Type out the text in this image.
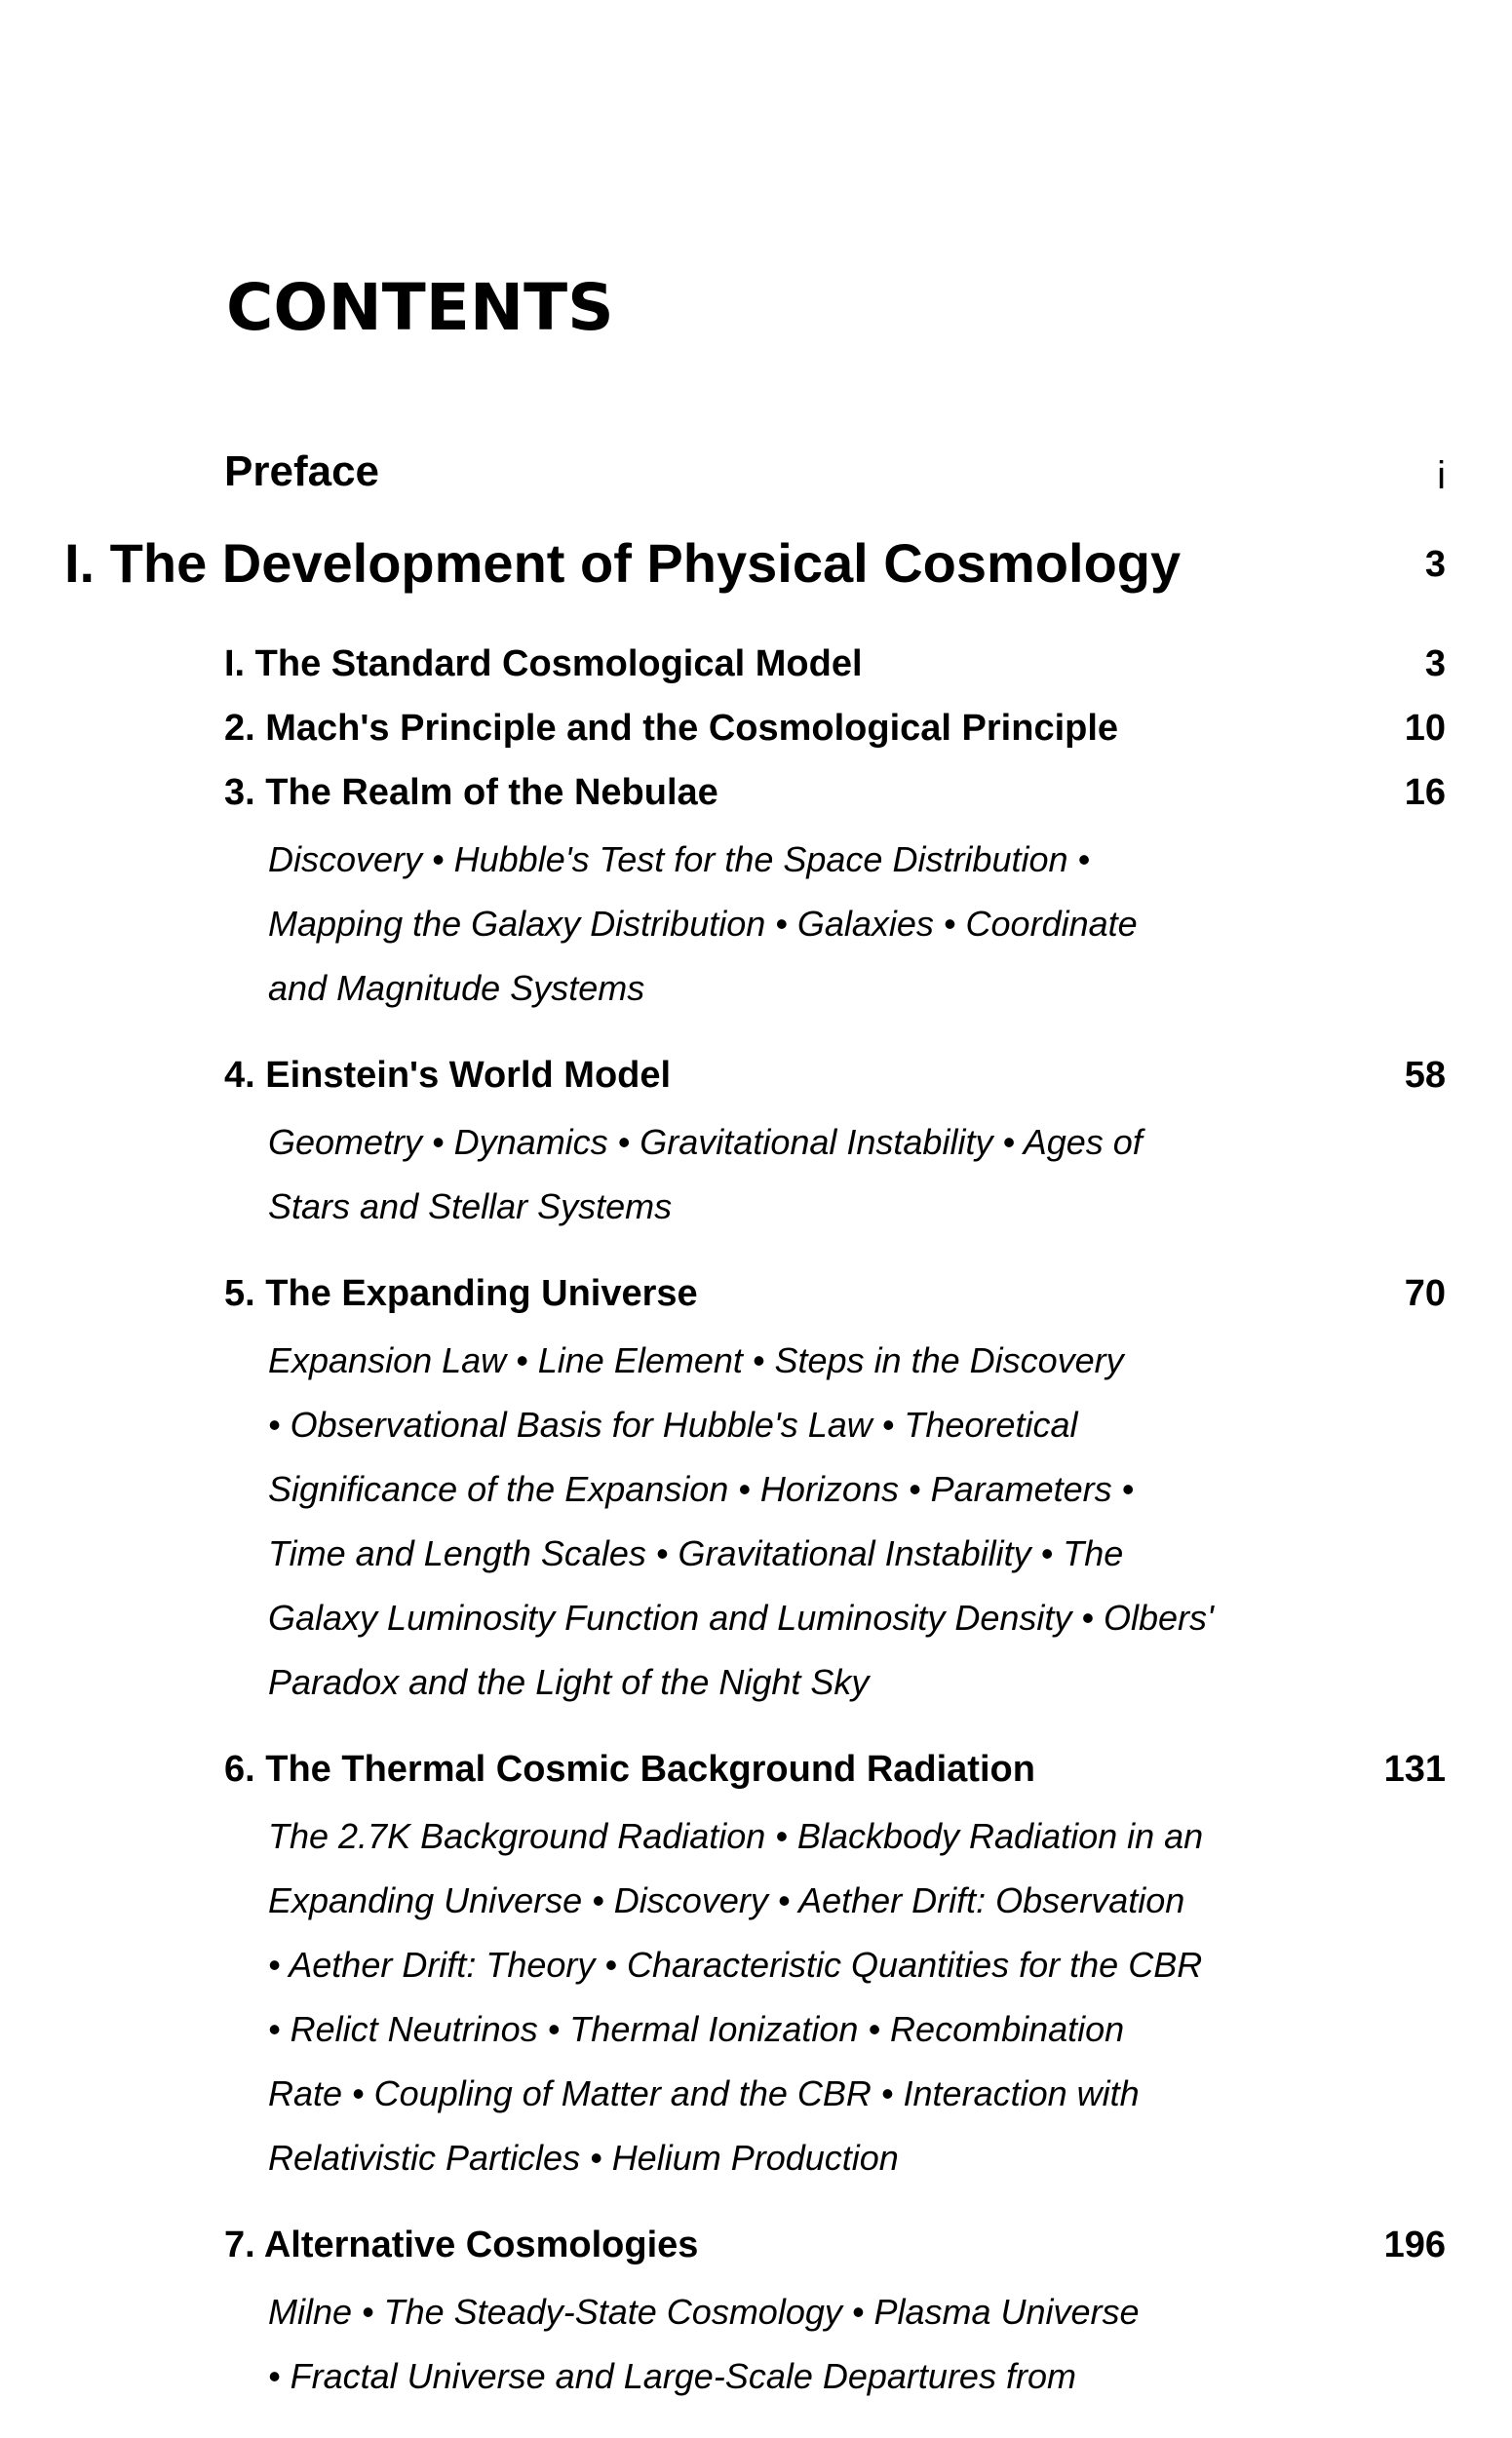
CONTENTS
Preface	i
I. The Development of Physical Cosmology	3
I. The Standard Cosmological Model	3
2. Mach's Principle and the Cosmological Principle	10
3. The Realm of the Nebulae	16
Discovery • Hubble's Test for the Space Distribution •
Mapping the Galaxy Distribution • Galaxies • Coordinate
and Magnitude Systems
4. Einstein's World Model	58
Geometry • Dynamics • Gravitational Instability • Ages of
Stars and Stellar Systems
5. The Expanding Universe	70
Expansion Law • Line Element • Steps in the Discovery
• Observational Basis for Hubble's Law • Theoretical
Significance of the Expansion • Horizons • Parameters •
Time and Length Scales • Gravitational Instability • The
Galaxy Luminosity Function and Luminosity Density • Olbers'
Paradox and the Light of the Night Sky
6. The Thermal Cosmic Background Radiation	131
The 2.7K Background Radiation • Blackbody Radiation in an
Expanding Universe • Discovery • Aether Drift: Observation
• Aether Drift: Theory • Characteristic Quantities for the CBR
• Relict Neutrinos • Thermal Ionization • Recombination
Rate • Coupling of Matter and the CBR • Interaction with
Relativistic Particles • Helium Production
7. Alternative Cosmologies	196
Milne • The Steady-State Cosmology • Plasma Universe
• Fractal Universe and Large-Scale Departures from
